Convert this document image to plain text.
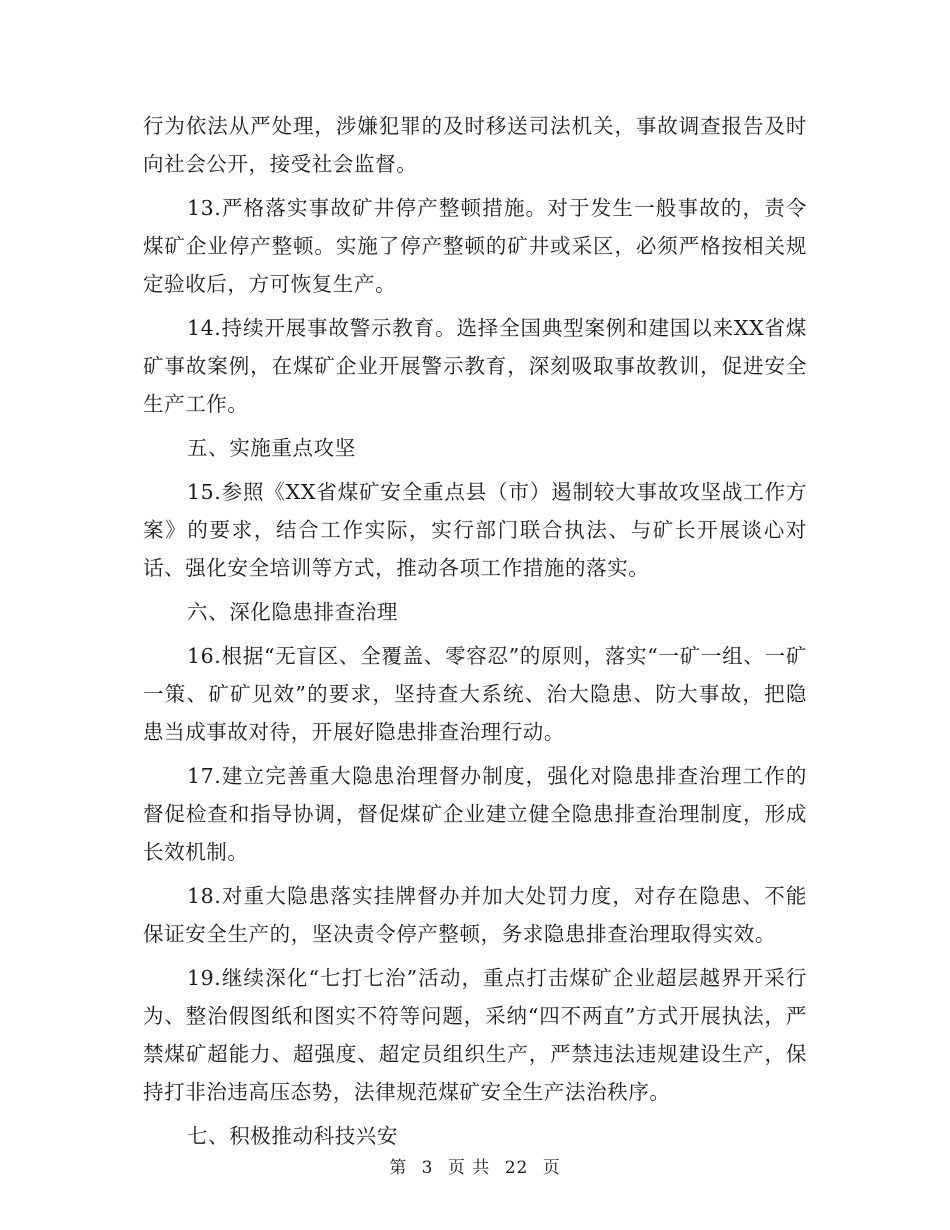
行为依法从严处理，涉嫌犯罪的及时移送司法机关，事故调查报告及时向社会公开，接受社会监督。

13.严格落实事故矿井停产整顿措施。对于发生一般事故的，责令煤矿企业停产整顿。实施了停产整顿的矿井或采区，必须严格按相关规定验收后，方可恢复生产。

14.持续开展事故警示教育。选择全国典型案例和建国以来XX省煤矿事故案例，在煤矿企业开展警示教育，深刻吸取事故教训，促进安全生产工作。

五、实施重点攻坚

15.参照《XX省煤矿安全重点县（市）遏制较大事故攻坚战工作方案》的要求，结合工作实际，实行部门联合执法、与矿长开展谈心对话、强化安全培训等方式，推动各项工作措施的落实。

六、深化隐患排查治理

16.根据“无盲区、全覆盖、零容忍”的原则，落实“一矿一组、一矿一策、矿矿见效”的要求，坚持查大系统、治大隐患、防大事故，把隐患当成事故对待，开展好隐患排查治理行动。

17.建立完善重大隐患治理督办制度，强化对隐患排查治理工作的督促检查和指导协调，督促煤矿企业建立健全隐患排查治理制度，形成长效机制。

18.对重大隐患落实挂牌督办并加大处罚力度，对存在隐患、不能保证安全生产的，坚决责令停产整顿，务求隐患排查治理取得实效。

19.继续深化“七打七治”活动，重点打击煤矿企业超层越界开采行为、整治假图纸和图实不符等问题，采纳“四不两直”方式开展执法，严禁煤矿超能力、超强度、超定员组织生产，严禁违法违规建设生产，保持打非治违高压态势，法律规范煤矿安全生产法治秩序。

七、积极推动科技兴安

第 3 页 共 22 页
